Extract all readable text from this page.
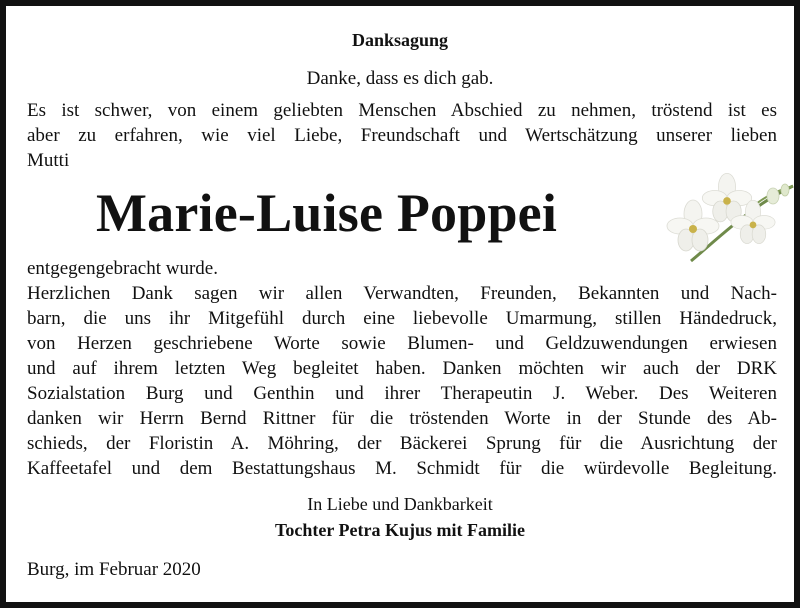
Danksagung
Danke, dass es dich gab.
Es ist schwer, von einem geliebten Menschen Abschied zu nehmen, tröstend ist es
aber zu erfahren, wie viel Liebe, Freundschaft und Wertschätzung unserer lieben
Mutti
Marie-Luise Poppei
entgegengebracht wurde.
Herzlichen Dank sagen wir allen Verwandten, Freunden, Bekannten und Nach-
barn, die uns ihr Mitgefühl durch eine liebevolle Umarmung, stillen Händedruck,
von Herzen geschriebene Worte sowie Blumen- und Geldzuwendungen erwiesen
und auf ihrem letzten Weg begleitet haben. Danken möchten wir auch der DRK
Sozialstation Burg und Genthin und ihrer Therapeutin J. Weber. Des Weiteren
danken wir Herrn Bernd Rittner für die tröstenden Worte in der Stunde des Ab-
schieds, der Floristin A. Möhring, der Bäckerei Sprung für die Ausrichtung der
Kaffeetafel und dem Bestattungshaus M. Schmidt für die würdevolle Begleitung.
In Liebe und Dankbarkeit
Tochter Petra Kujus mit Familie
Burg, im Februar 2020
